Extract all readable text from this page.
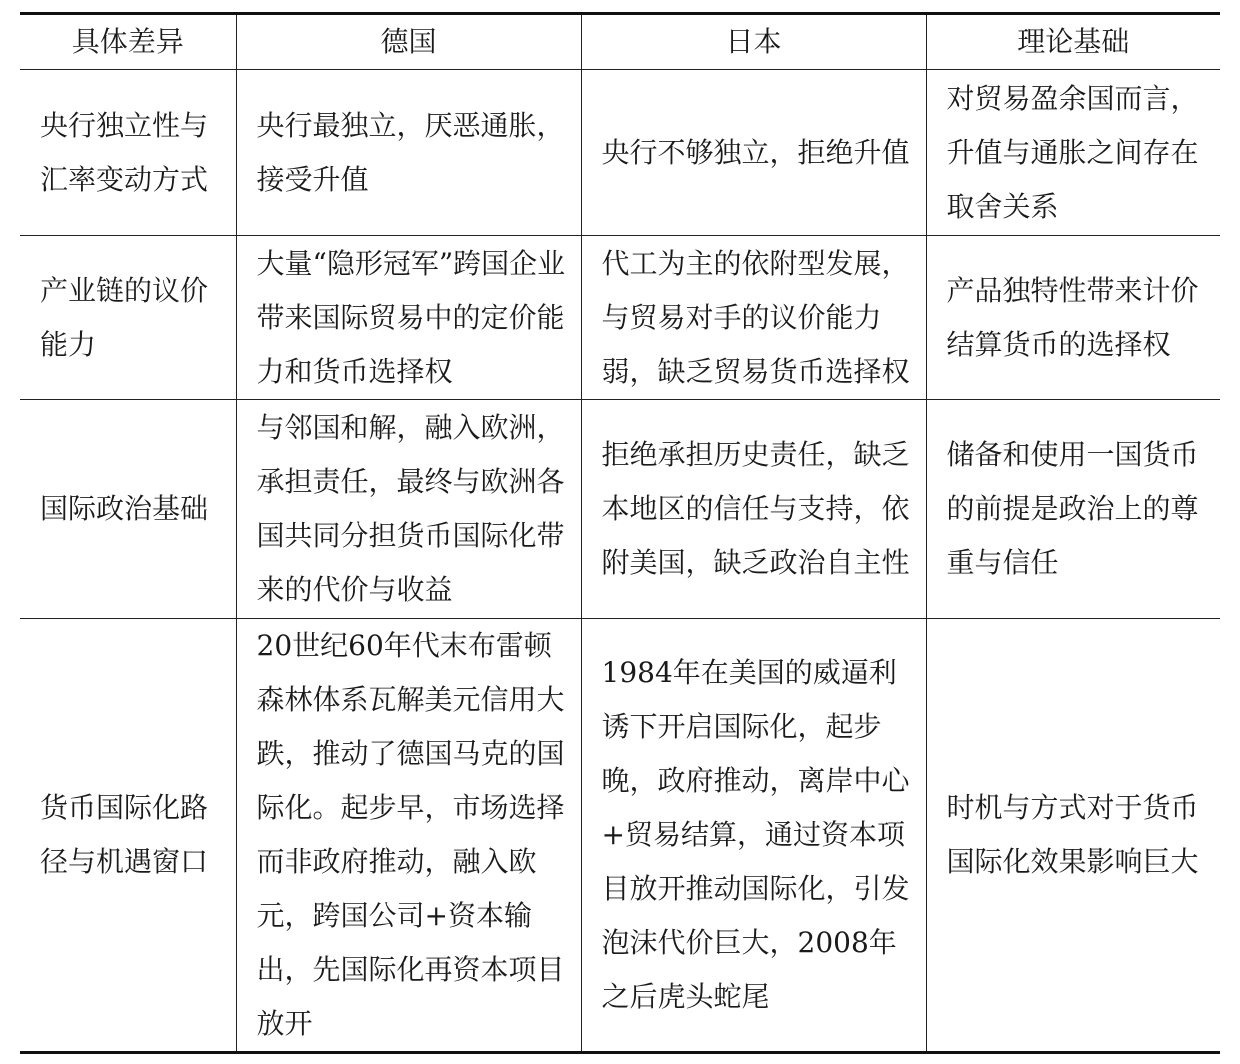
具体差异	德国	日本	理论基础

央行独立性与汇率变动方式	央行最独立，厌恶通胀，接受升值	央行不够独立，拒绝升值	对贸易盈余国而言，升值与通胀之间存在取舍关系

产业链的议价能力	大量“隐形冠军”跨国企业带来国际贸易中的定价能力和货币选择权	代工为主的依附型发展，与贸易对手的议价能力弱，缺乏贸易货币选择权	产品独特性带来计价结算货币的选择权

国际政治基础	与邻国和解，融入欧洲，承担责任，最终与欧洲各国共同分担货币国际化带来的代价与收益	拒绝承担历史责任，缺乏本地区的信任与支持，依附美国，缺乏政治自主性	储备和使用一国货币的前提是政治上的尊重与信任

货币国际化路径与机遇窗口	20世纪60年代末布雷顿森林体系瓦解美元信用大跌，推动了德国马克的国际化。起步早，市场选择而非政府推动，融入欧元，跨国公司+资本输出，先国际化再资本项目放开	1984年在美国的威逼利诱下开启国际化，起步晚，政府推动，离岸中心+贸易结算，通过资本项目放开推动国际化，引发泡沫代价巨大，2008年之后虎头蛇尾	时机与方式对于货币国际化效果影响巨大
